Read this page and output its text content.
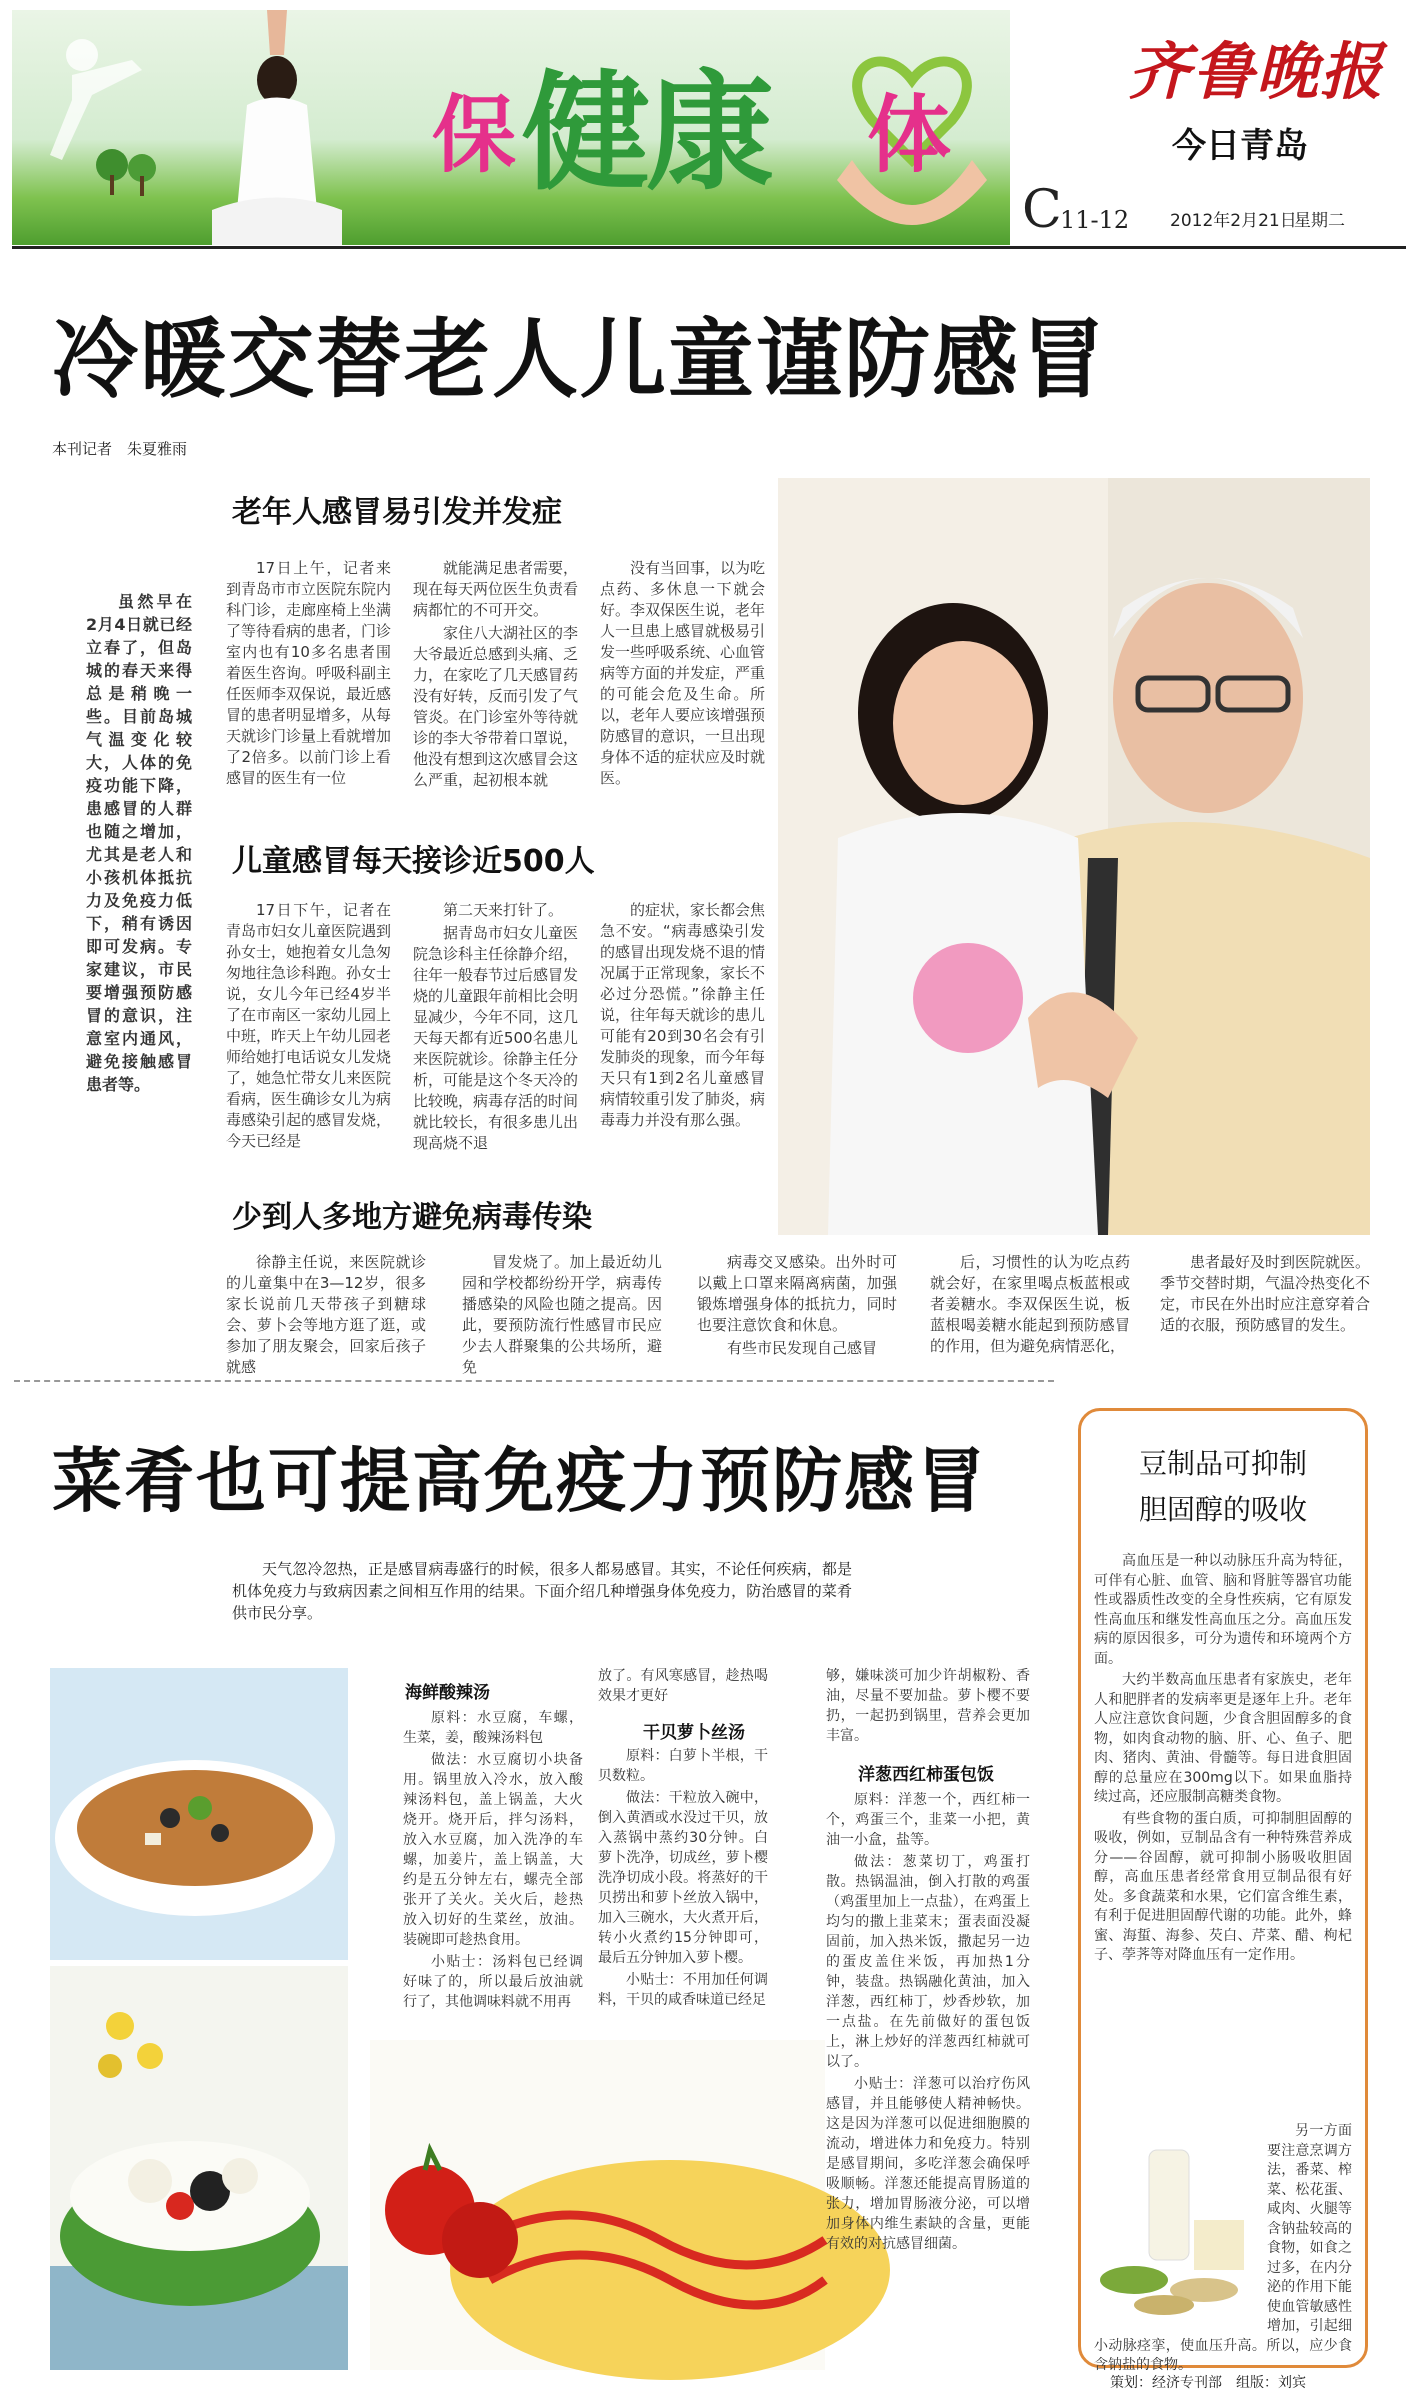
保 健康 体
齐鲁晚报
今日青岛
C
11-12 2012年2月21日
星期二
冷暖交替老人儿童谨防感冒
本刊记者　朱夏雅雨
虽然早在2月4日就已经立春了，但岛城的春天来得总是稍晚一些。目前岛城气温变化较大，人体的免疫功能下降，患感冒的人群也随之增加，尤其是老人和小孩机体抵抗力及免疫力低下，稍有诱因即可发病。专家建议，市民要增强预防感冒的意识，注意室内通风，避免接触感冒患者等。
老年人感冒易引发并发症

17日上午，记者来到青岛市市立医院东院内科门诊，走廊座椅上坐满了等待看病的患者，门诊室内也有10多名患者围着医生咨询。呼吸科副主任医师李双保说，最近感冒的患者明显增多，从每天就诊门诊量上看就增加了2倍多。以前门诊上看感冒的医生有一位

就能满足患者需要，现在每天两位医生负责看病都忙的不可开交。

家住八大湖社区的李大爷最近总感到头痛、乏力，在家吃了几天感冒药没有好转，反而引发了气管炎。在门诊室外等待就诊的李大爷带着口罩说，他没有想到这次感冒会这么严重，起初根本就

没有当回事，以为吃点药、多休息一下就会好。李双保医生说，老年人一旦患上感冒就极易引发一些呼吸系统、心血管病等方面的并发症，严重的可能会危及生命。所以，老年人要应该增强预防感冒的意识，一旦出现身体不适的症状应及时就医。

儿童感冒每天接诊近500人

17日下午，记者在青岛市妇女儿童医院遇到孙女士，她抱着女儿急匆匆地往急诊科跑。孙女士说，女儿今年已经4岁半了在市南区一家幼儿园上中班，昨天上午幼儿园老师给她打电话说女儿发烧了，她急忙带女儿来医院看病，医生确诊女儿为病毒感染引起的感冒发烧，今天已经是

第二天来打针了。

据青岛市妇女儿童医院急诊科主任徐静介绍，往年一般春节过后感冒发烧的儿童跟年前相比会明显减少，今年不同，这几天每天都有近500名患儿来医院就诊。徐静主任分析，可能是这个冬天冷的比较晚，病毒存活的时间就比较长，有很多患儿出现高烧不退

的症状，家长都会焦急不安。“病毒感染引发的感冒出现发烧不退的情况属于正常现象，家长不必过分恐慌。”徐静主任说，往年每天就诊的患儿可能有20到30名会有引发肺炎的现象，而今年每天只有1到2名儿童感冒病情较重引发了肺炎，病毒毒力并没有那么强。

少到人多地方避免病毒传染

徐静主任说，来医院就诊的儿童集中在3—12岁，很多家长说前几天带孩子到糖球会、萝卜会等地方逛了逛，或参加了朋友聚会，回家后孩子就感

冒发烧了。加上最近幼儿园和学校都纷纷开学，病毒传播感染的风险也随之提高。因此，要预防流行性感冒市民应少去人群聚集的公共场所，避免

病毒交叉感染。出外时可以戴上口罩来隔离病菌，加强锻炼增强身体的抵抗力，同时也要注意饮食和休息。

有些市民发现自己感冒

后，习惯性的认为吃点药就会好，在家里喝点板蓝根或者姜糖水。李双保医生说，板蓝根喝姜糖水能起到预防感冒的作用，但为避免病情恶化，

患者最好及时到医院就医。季节交替时期，气温冷热变化不定，市民在外出时应注意穿着合适的衣服，预防感冒的发生。

菜肴也可提高免疫力预防感冒

天气忽冷忽热，正是感冒病毒盛行的时候，很多人都易感冒。其实，不论任何疾病，都是机体免疫力与致病因素之间相互作用的结果。下面介绍几种增强身体免疫力，防治感冒的菜肴供市民分享。

海鲜酸辣汤

原料：水豆腐，车螺，生菜，姜，酸辣汤料包

做法：水豆腐切小块备用。锅里放入冷水，放入酸辣汤料包，盖上锅盖，大火烧开。烧开后，拌匀汤料，放入水豆腐，加入洗净的车螺，加姜片，盖上锅盖，大约是五分钟左右，螺壳全部张开了关火。关火后，趁热放入切好的生菜丝，放油。装碗即可趁热食用。

小贴士：汤料包已经调好味了的，所以最后放油就行了，其他调味料就不用再

放了。有风寒感冒，趁热喝效果才更好

干贝萝卜丝汤

原料：白萝卜半根，干贝数粒。

做法：干粒放入碗中，倒入黄酒或水没过干贝，放入蒸锅中蒸约30分钟。白萝卜洗净，切成丝，萝卜樱洗净切成小段。将蒸好的干贝捞出和萝卜丝放入锅中，加入三碗水，大火煮开后，转小火煮约15分钟即可，最后五分钟加入萝卜樱。

小贴士：不用加任何调料，干贝的咸香味道已经足

够，嫌味淡可加少许胡椒粉、香油，尽量不要加盐。萝卜樱不要扔，一起扔到锅里，营养会更加丰富。

洋葱西红柿蛋包饭

原料：洋葱一个，西红柿一个，鸡蛋三个，韭菜一小把，黄油一小盒，盐等。

做法：葱菜切丁，鸡蛋打散。热锅温油，倒入打散的鸡蛋（鸡蛋里加上一点盐），在鸡蛋上均匀的撒上韭菜末；蛋表面没凝固前，加入热米饭，撒起另一边的蛋皮盖住米饭，再加热1分钟，装盘。热锅融化黄油，加入洋葱，西红柿丁，炒香炒软，加一点盐。在先前做好的蛋包饭上，淋上炒好的洋葱西红柿就可以了。

小贴士：洋葱可以治疗伤风感冒，并且能够使人精神畅快。这是因为洋葱可以促进细胞膜的流动，增进体力和免疫力。特别是感冒期间，多吃洋葱会确保呼吸顺畅。洋葱还能提高胃肠道的张力，增加胃肠液分泌，可以增加身体内维生素缺的含量，更能有效的对抗感冒细菌。

豆制品可抑制
胆固醇的吸收

高血压是一种以动脉压升高为特征，可伴有心脏、血管、脑和肾脏等器官功能性或器质性改变的全身性疾病，它有原发性高血压和继发性高血压之分。高血压发病的原因很多，可分为遗传和环境两个方面。

大约半数高血压患者有家族史，老年人和肥胖者的发病率更是逐年上升。老年人应注意饮食问题，少食含胆固醇多的食物，如肉食动物的脑、肝、心、鱼子、肥肉、猪肉、黄油、骨髓等。每日进食胆固醇的总量应在300mg以下。如果血脂持续过高，还应服制高糖类食物。

有些食物的蛋白质，可抑制胆固醇的吸收，例如，豆制品含有一种特殊营养成分——谷固醇，就可抑制小肠吸收胆固醇，高血压患者经常食用豆制品很有好处。多食蔬菜和水果，它们富含维生素，有利于促进胆固醇代谢的功能。此外，蜂蜜、海蜇、海参、芡白、芹菜、醋、枸杞子、荸荠等对降血压有一定作用。

另一方面要注意烹调方法，番菜、榨菜、松花蛋、咸肉、火腿等含钠盐较高的食物，如食之过多，在内分泌的作用下能使血管敏感性增加，引起细小动脉痉挛，使血压升高。所以，应少食含钠盐的食物。

策划：经济专刊部　组版：刘宾
